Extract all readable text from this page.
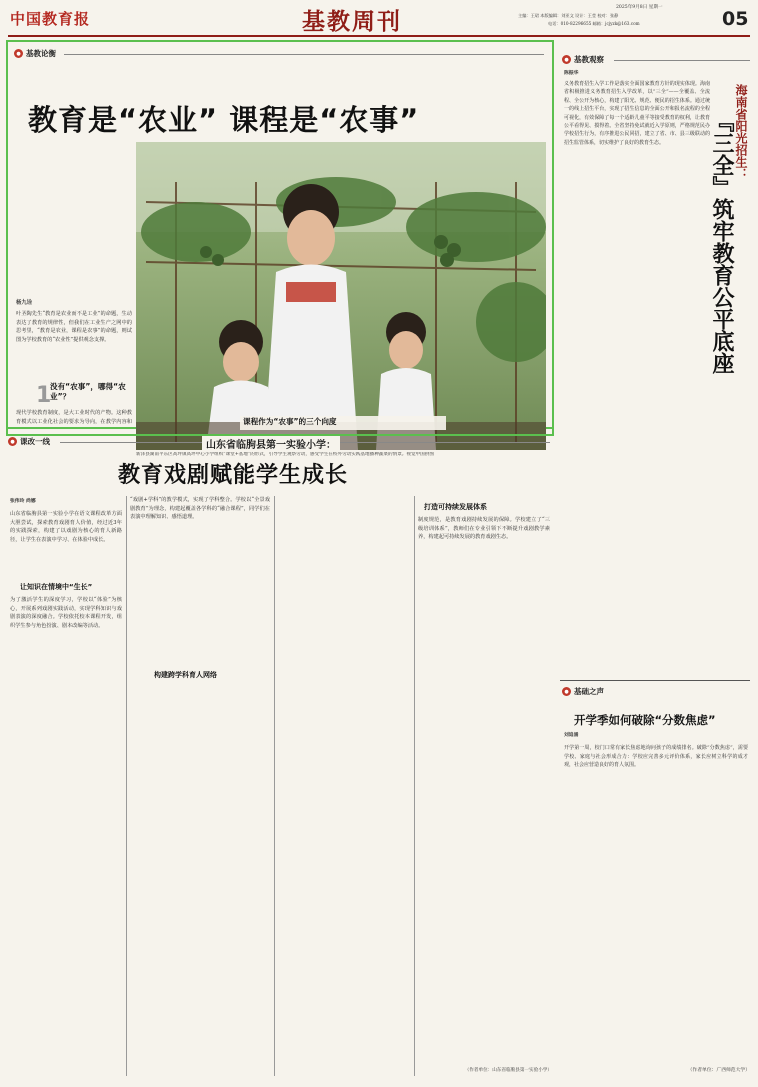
中国教育报	基教周刊
2025年9月8日 星期一
主编：王珺 本版编辑：刘亚文 设计：王莹 校对：张静
电话：010-82296655 邮箱：jcjyzk@163.com	05
● 基教论衡
教育是“农业” 课程是“农事”
杨九诠
叶圣陶先生“教育是农业而不是工业”的命题，生动表达了教育的规律性，但我们在工业生产之网中的思考里，“教育是农业，课程是农事”的命题，则试图为学校教育的“农业性”提供观念支撑。
1
没有“农事”，哪得“农业”？
现代学校教育制度，是大工业时代的产物。这种教育模式以工业化社会的要求为导向，在教学内容和
新泽县湖南平东区高坪镇高坪中心小学组织“课堂+基地”的形式，引导学生观察劳动，感受学生在校外劳动实践基地播种蔬菜的情景。视觉中国供图
课程作为“农事”的三个向度
● 基教观察
陈振华
义务教育招生入学工作是落实全面国家教育方针的现实体现。海南省积极推进义务教育招生入学改革，以“三全”——全覆盖、全流程、全公开为核心，构建了阳光、规范、便民的招生体系。通过统一的线上招生平台，实现了招生信息的全面公开和报名流程的全程可视化，有效保障了每一个适龄儿童平等接受教育的权利，让教育公平看得见、摸得着。全省坚持免试就近入学原则，严格规范民办学校招生行为，有序推进公民同招，建立了省、市、县三级联动的招生监管体系，切实维护了良好的教育生态。	海南省阳光招生：
『三全』筑牢教育公平底座
● 基础之声
开学季如何破除“分数焦虑”
刘追涌
开学第一周，校门口常有家长焦虑地询问孩子的成绩排名。破除“分数焦虑”，需要学校、家庭与社会形成合力：学校应完善多元评价体系，家长应树立科学的成才观，社会应营造良好的育人氛围。
（作者单位：广西师范大学）
● 课改一线	山东省临朐县第一实验小学：
教育戏剧赋能学生成长
张伟玲 尚娜
山东省临朐县第一实验小学在语文课程改革方面大胆尝试，探索教育戏剧育人价值，经过近3年的实践探索，构建了以戏剧为核心的育人新路径，让学生在表演中学习、在体验中成长。
让知识在情境中“生长”
为了激活学生的深度学习，学校以“体验”为核心，开展系列戏剧实践活动，实现学科知识与戏剧表演的深度融合。学校依托校本课程开发，组织学生参与角色扮演、剧本改编等活动。
“戏剧+学科”的教学模式，实现了学科整合。学校以“全景戏剧教育”为理念，构建起覆盖各学科的“融合课程”，同学们在表演中理解知识、感悟道理。
构建跨学科育人网络
打造可持续发展体系
制度规范，是教育戏剧持续发展的保障。学校建立了“三级培训体系”，教师们在专业引领下不断提升戏剧教学素养，构建起可持续发展的教育戏剧生态。
（作者单位：山东省临朐县第一实验小学）
